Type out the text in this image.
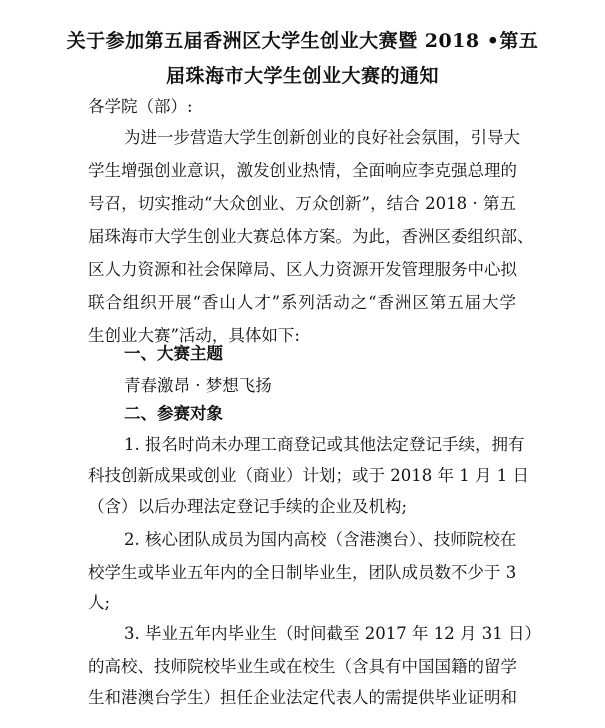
关于参加第五届香洲区大学生创业大赛暨 2018 •第五
届珠海市大学生创业大赛的通知
各学院（部）:
为进一步营造大学生创新创业的良好社会氛围，引导大
学生增强创业意识，激发创业热情，全面响应李克强总理的
号召，切实推动“大众创业、万众创新”，结合 2018 · 第五
届珠海市大学生创业大赛总体方案。为此，香洲区委组织部、
区人力资源和社会保障局、区人力资源开发管理服务中心拟
联合组织开展“香山人才”系列活动之“香洲区第五届大学
生创业大赛”活动，具体如下:
一、大赛主题
青春激昂 · 梦想飞扬
二、参赛对象
1. 报名时尚未办理工商登记或其他法定登记手续，拥有
科技创新成果或创业（商业）计划；或于 2018 年 1 月 1 日
（含）以后办理法定登记手续的企业及机构;
2. 核心团队成员为国内高校（含港澳台）、技师院校在
校学生或毕业五年内的全日制毕业生，团队成员数不少于 3
人;
3. 毕业五年内毕业生（时间截至 2017 年 12 月 31 日）
的高校、技师院校毕业生或在校生（含具有中国国籍的留学
生和港澳台学生）担任企业法定代表人的需提供毕业证明和
